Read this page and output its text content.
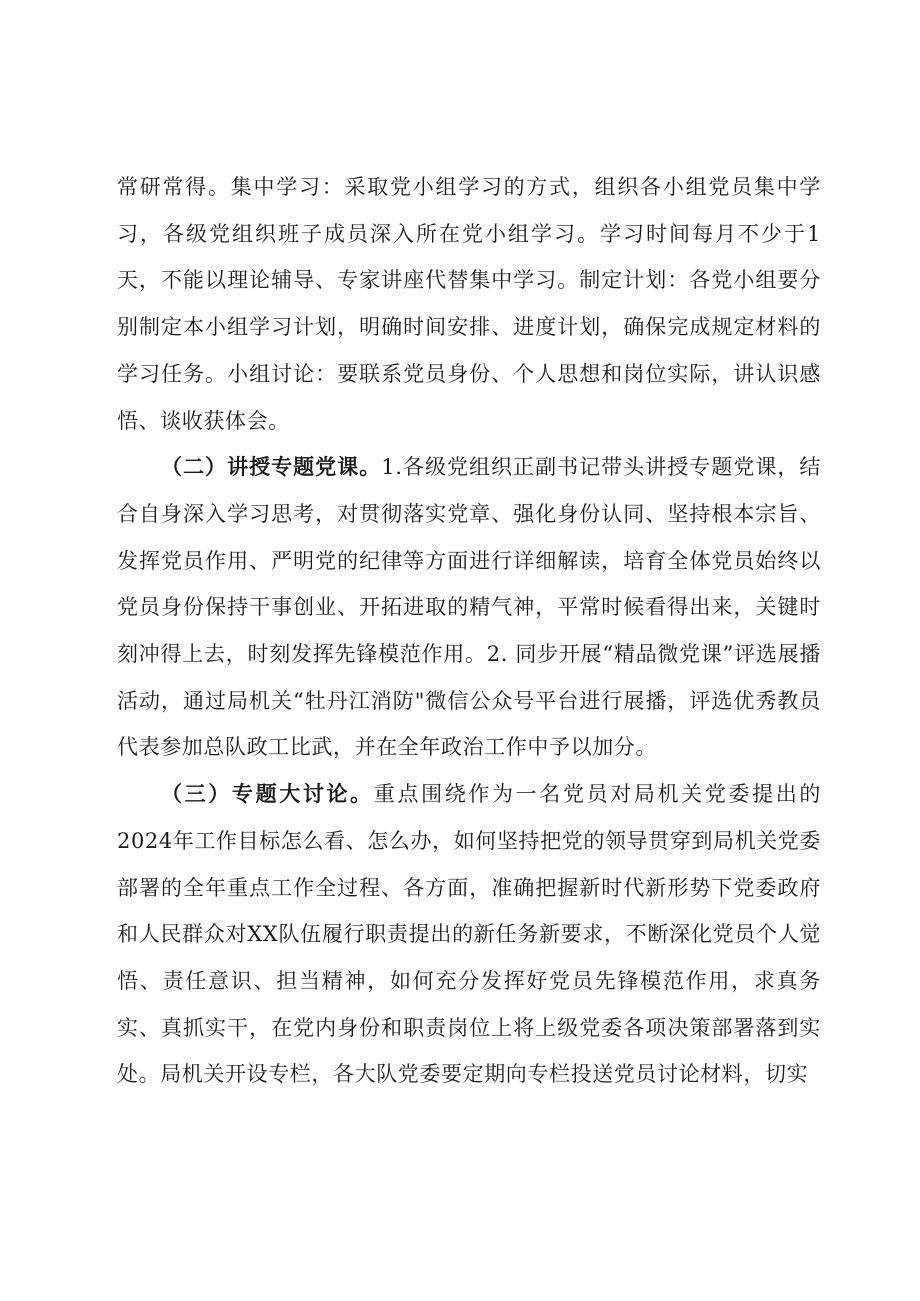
常研常得。集中学习：采取党小组学习的方式，组织各小组党员集中学习，各级党组织班子成员深入所在党小组学习。学习时间每月不少于1天，不能以理论辅导、专家讲座代替集中学习。制定计划：各党小组要分别制定本小组学习计划，明确时间安排、进度计划，确保完成规定材料的学习任务。小组讨论：要联系党员身份、个人思想和岗位实际，讲认识感悟、谈收获体会。

（二）讲授专题党课。1.各级党组织正副书记带头讲授专题党课，结合自身深入学习思考，对贯彻落实党章、强化身份认同、坚持根本宗旨、发挥党员作用、严明党的纪律等方面进行详细解读，培育全体党员始终以党员身份保持干事创业、开拓进取的精气神，平常时候看得出来，关键时刻冲得上去，时刻发挥先锋模范作用。2. 同步开展“精品微党课”评选展播活动，通过局机关“牡丹江消防"微信公众号平台进行展播，评选优秀教员代表参加总队政工比武，并在全年政治工作中予以加分。

（三）专题大讨论。重点围绕作为一名党员对局机关党委提出的2024年工作目标怎么看、怎么办，如何坚持把党的领导贯穿到局机关党委部署的全年重点工作全过程、各方面，准确把握新时代新形势下党委政府和人民群众对XX队伍履行职责提出的新任务新要求，不断深化党员个人觉悟、责任意识、担当精神，如何充分发挥好党员先锋模范作用，求真务实、真抓实干，在党内身份和职责岗位上将上级党委各项决策部署落到实处。局机关开设专栏，各大队党委要定期向专栏投送党员讨论材料，切实
